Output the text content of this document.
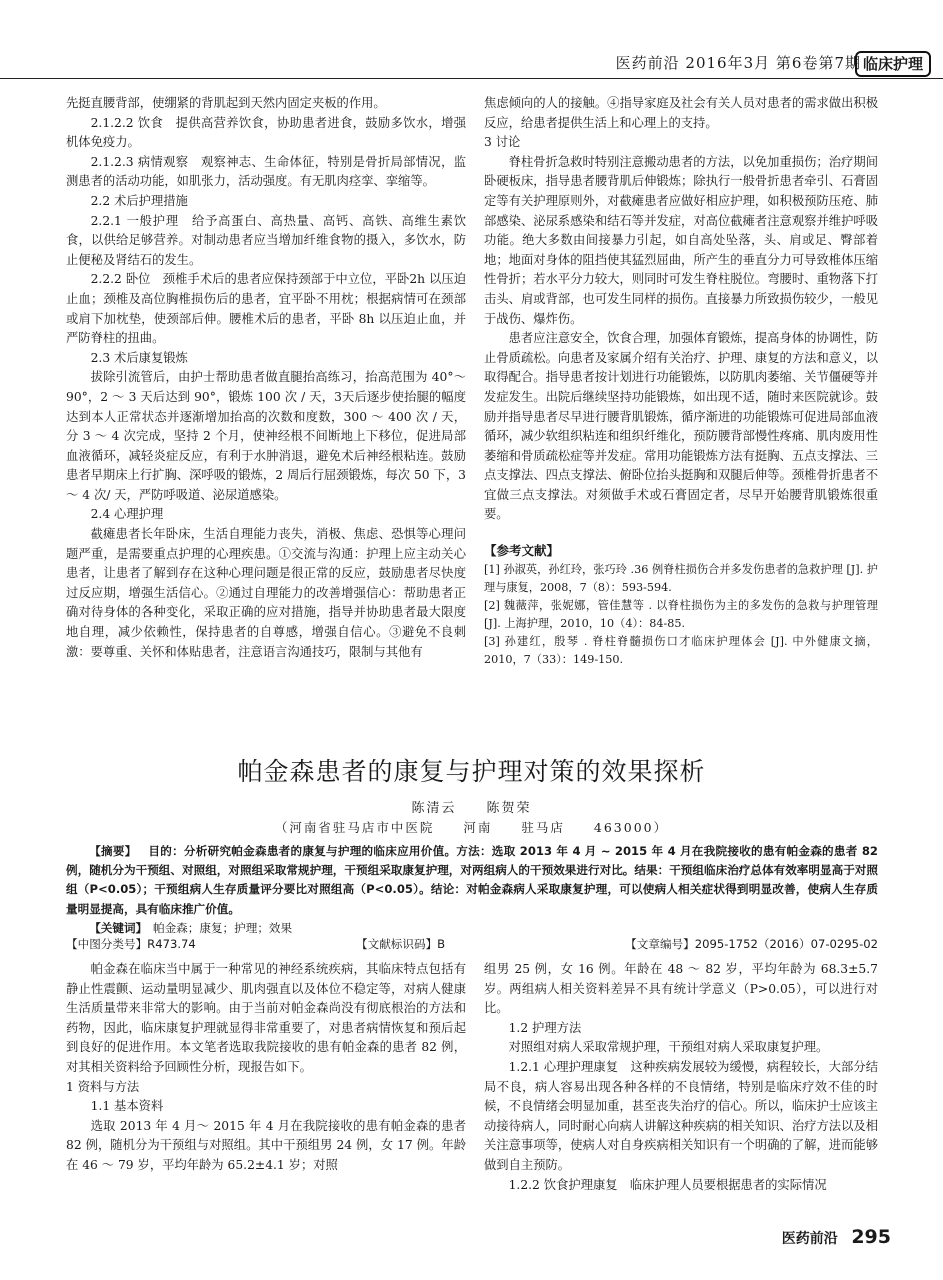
医药前沿 2016年3月 第6卷第7期 临床护理

先挺直腰背部，使绷紧的背肌起到天然内固定夹板的作用。

2.1.2.2 饮食　提供高营养饮食，协助患者进食，鼓励多饮水，增强机体免疫力。

2.1.2.3 病情观察　观察神志、生命体征，特别是骨折局部情况，监测患者的活动功能，如肌张力，活动强度。有无肌肉痉挛、挛缩等。

2.2 术后护理措施

2.2.1 一般护理　给予高蛋白、高热量、高钙、高铁、高维生素饮食，以供给足够营养。对制动患者应当增加纤维食物的摄入，多饮水，防止便秘及肾结石的发生。

2.2.2 卧位　颈椎手术后的患者应保持颈部于中立位，平卧2h 以压迫止血；颈椎及高位胸椎损伤后的患者，宜平卧不用枕；根据病情可在颈部或肩下加枕垫，使颈部后伸。腰椎术后的患者，平卧 8h 以压迫止血，并严防脊柱的扭曲。

2.3 术后康复锻炼

拔除引流管后，由护士帮助患者做直腿抬高练习，抬高范围为 40°～ 90°，2 ～ 3 天后达到 90°，锻炼 100 次 / 天，3天后逐步使抬腿的幅度达到本人正常状态并逐渐增加抬高的次数和度数，300 ～ 400 次 / 天，分 3 ～ 4 次完成，坚持 2 个月，使神经根不间断地上下移位，促进局部血液循环，减轻炎症反应，有利于水肿消退，避免术后神经根粘连。鼓励患者早期床上行扩胸、深呼吸的锻炼，2 周后行屈颈锻炼，每次 50 下，3 ～ 4 次/ 天，严防呼吸道、泌尿道感染。

2.4 心理护理

截瘫患者长年卧床，生活自理能力丧失，消极、焦虑、恐惧等心理问题严重，是需要重点护理的心理疾患。①交流与沟通：护理上应主动关心患者，让患者了解到存在这种心理问题是很正常的反应，鼓励患者尽快度过反应期，增强生活信心。②通过自理能力的改善增强信心：帮助患者正确对待身体的各种变化，采取正确的应对措施，指导并协助患者最大限度地自理，减少依赖性，保持患者的自尊感，增强自信心。③避免不良刺激：要尊重、关怀和体贴患者，注意语言沟通技巧，限制与其他有

焦虑倾向的人的接触。④指导家庭及社会有关人员对患者的需求做出积极反应，给患者提供生活上和心理上的支持。

3 讨论

脊柱骨折急救时特别注意搬动患者的方法，以免加重损伤；治疗期间卧硬板床，指导患者腰背肌后伸锻炼；除执行一般骨折患者牵引、石膏固定等有关护理原则外，对截瘫患者应做好相应护理，如积极预防压疮、肺部感染、泌尿系感染和结石等并发症，对高位截瘫者注意观察并维护呼吸功能。绝大多数由间接暴力引起，如自高处坠落，头、肩或足、臀部着地；地面对身体的阻挡使其猛烈屈曲，所产生的垂直分力可导致椎体压缩性骨折；若水平分力较大，则同时可发生脊柱脱位。弯腰时、重物落下打击头、肩或背部，也可发生同样的损伤。直接暴力所致损伤较少，一般见于战伤、爆炸伤。

患者应注意安全，饮食合理，加强体育锻炼，提高身体的协调性，防止骨质疏松。向患者及家属介绍有关治疗、护理、康复的方法和意义，以取得配合。指导患者按计划进行功能锻炼，以防肌肉萎缩、关节僵硬等并发症发生。出院后继续坚持功能锻炼，如出现不适，随时来医院就诊。鼓励并指导患者尽早进行腰背肌锻炼，循序渐进的功能锻炼可促进局部血液循环，减少软组织粘连和组织纤维化，预防腰背部慢性疼痛、肌肉废用性萎缩和骨质疏松症等并发症。常用功能锻炼方法有挺胸、五点支撑法、三点支撑法、四点支撑法、俯卧位抬头挺胸和双腿后伸等。颈椎骨折患者不宜做三点支撑法。对须做手术或石膏固定者，尽早开始腰背肌锻炼很重要。

【参考文献】

[1] 孙淑英，孙红玲，张巧玲 .36 例脊柱损伤合并多发伤患者的急救护理 [J]. 护理与康复，2008，7（8）：593-594.

[2] 魏薇萍，张妮娜，管佳慧等 . 以脊柱损伤为主的多发伤的急救与护理管理 [J]. 上海护理，2010，10（4）：84-85.

[3] 孙建红，殷琴 . 脊柱脊髓损伤口才临床护理体会 [J]. 中外健康文摘，2010，7（33）：149-150.

帕金森患者的康复与护理对策的效果探析
陈清云　　陈贺荣
（河南省驻马店市中医院　　河南　　驻马店　　463000）

【摘要】  目的：分析研究帕金森患者的康复与护理的临床应用价值。方法：选取 2013 年 4 月 ~ 2015 年 4 月在我院接收的患有帕金森的患者 82 例，随机分为干预组、对照组，对照组采取常规护理，干预组采取康复护理，对两组病人的干预效果进行对比。结果：干预组临床治疗总体有效率明显高于对照组（P<0.05）；干预组病人生存质量评分要比对照组高（P<0.05）。结论：对帕金森病人采取康复护理，可以使病人相关症状得到明显改善，使病人生存质量明显提高，具有临床推广价值。

【关键词】  帕金森；康复；护理；效果

【中图分类号】R473.74	【文献标识码】B	【文章编号】2095-1752（2016）07-0295-02

帕金森在临床当中属于一种常见的神经系统疾病，其临床特点包括有静止性震颤、运动量明显减少、肌肉强直以及体位不稳定等，对病人健康生活质量带来非常大的影响。由于当前对帕金森尚没有彻底根治的方法和药物，因此，临床康复护理就显得非常重要了，对患者病情恢复和预后起到良好的促进作用。本文笔者选取我院接收的患有帕金森的患者 82 例，对其相关资料给予回顾性分析，现报告如下。

1 资料与方法

1.1 基本资料

选取 2013 年 4 月～ 2015 年 4 月在我院接收的患有帕金森的患者 82 例，随机分为干预组与对照组。其中干预组男 24 例，女 17 例。年龄在 46 ～ 79 岁，平均年龄为 65.2±4.1 岁；对照

组男 25 例，女 16 例。年龄在 48 ～ 82 岁，平均年龄为 68.3±5.7 岁。两组病人相关资料差异不具有统计学意义（P>0.05），可以进行对比。

1.2 护理方法

对照组对病人采取常规护理，干预组对病人采取康复护理。

1.2.1 心理护理康复　这种疾病发展较为缓慢，病程较长，大部分结局不良，病人容易出现各种各样的不良情绪，特别是临床疗效不佳的时候，不良情绪会明显加重，甚至丧失治疗的信心。所以，临床护士应该主动接待病人，同时耐心向病人讲解这种疾病的相关知识、治疗方法以及相关注意事项等，使病人对自身疾病相关知识有一个明确的了解，进而能够做到自主预防。

1.2.2 饮食护理康复　临床护理人员要根据患者的实际情况

医药前沿 295
